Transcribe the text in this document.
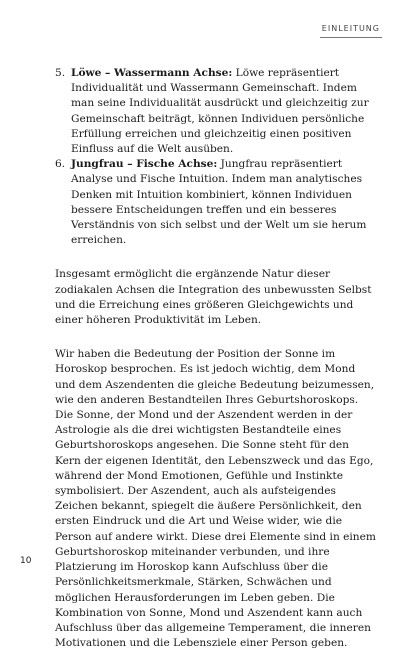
EINLEITUNG
5. Löwe – Wassermann Achse: Löwe repräsentiert Individualität und Wassermann Gemeinschaft. Indem man seine Individualität ausdrückt und gleichzeitig zur Gemeinschaft beiträgt, können Individuen persönliche Erfüllung erreichen und gleichzeitig einen positiven Einfluss auf die Welt ausüben.
6. Jungfrau – Fische Achse: Jungfrau repräsentiert Analyse und Fische Intuition. Indem man analytisches Denken mit Intuition kombiniert, können Individuen bessere Entscheidungen treffen und ein besseres Verständnis von sich selbst und der Welt um sie herum erreichen.

Insgesamt ermöglicht die ergänzende Natur dieser zodiakalen Achsen die Integration des unbewussten Selbst und die Erreichung eines größeren Gleichgewichts und einer höheren Produktivität im Leben.

Wir haben die Bedeutung der Position der Sonne im Horoskop besprochen. Es ist jedoch wichtig, dem Mond und dem Aszendenten die gleiche Bedeutung beizumessen, wie den anderen Bestandteilen Ihres Geburtshoroskops. Die Sonne, der Mond und der Aszendent werden in der Astrologie als die drei wichtigsten Bestandteile eines Geburtshoroskops angesehen. Die Sonne steht für den Kern der eigenen Identität, den Lebenszweck und das Ego, während der Mond Emotionen, Gefühle und Instinkte symbolisiert. Der Aszendent, auch als aufsteigendes Zeichen bekannt, spiegelt die äußere Persönlichkeit, den ersten Eindruck und die Art und Weise wider, wie die Person auf andere wirkt. Diese drei Elemente sind in einem Geburtshoroskop miteinander verbunden, und ihre Platzierung im Horoskop kann Aufschluss über die Persönlichkeitsmerkmale, Stärken, Schwächen und möglichen Herausforderungen im Leben geben. Die Kombination von Sonne, Mond und Aszendent kann auch Aufschluss über das allgemeine Temperament, die inneren Motivationen und die Lebensziele einer Person geben.

10
